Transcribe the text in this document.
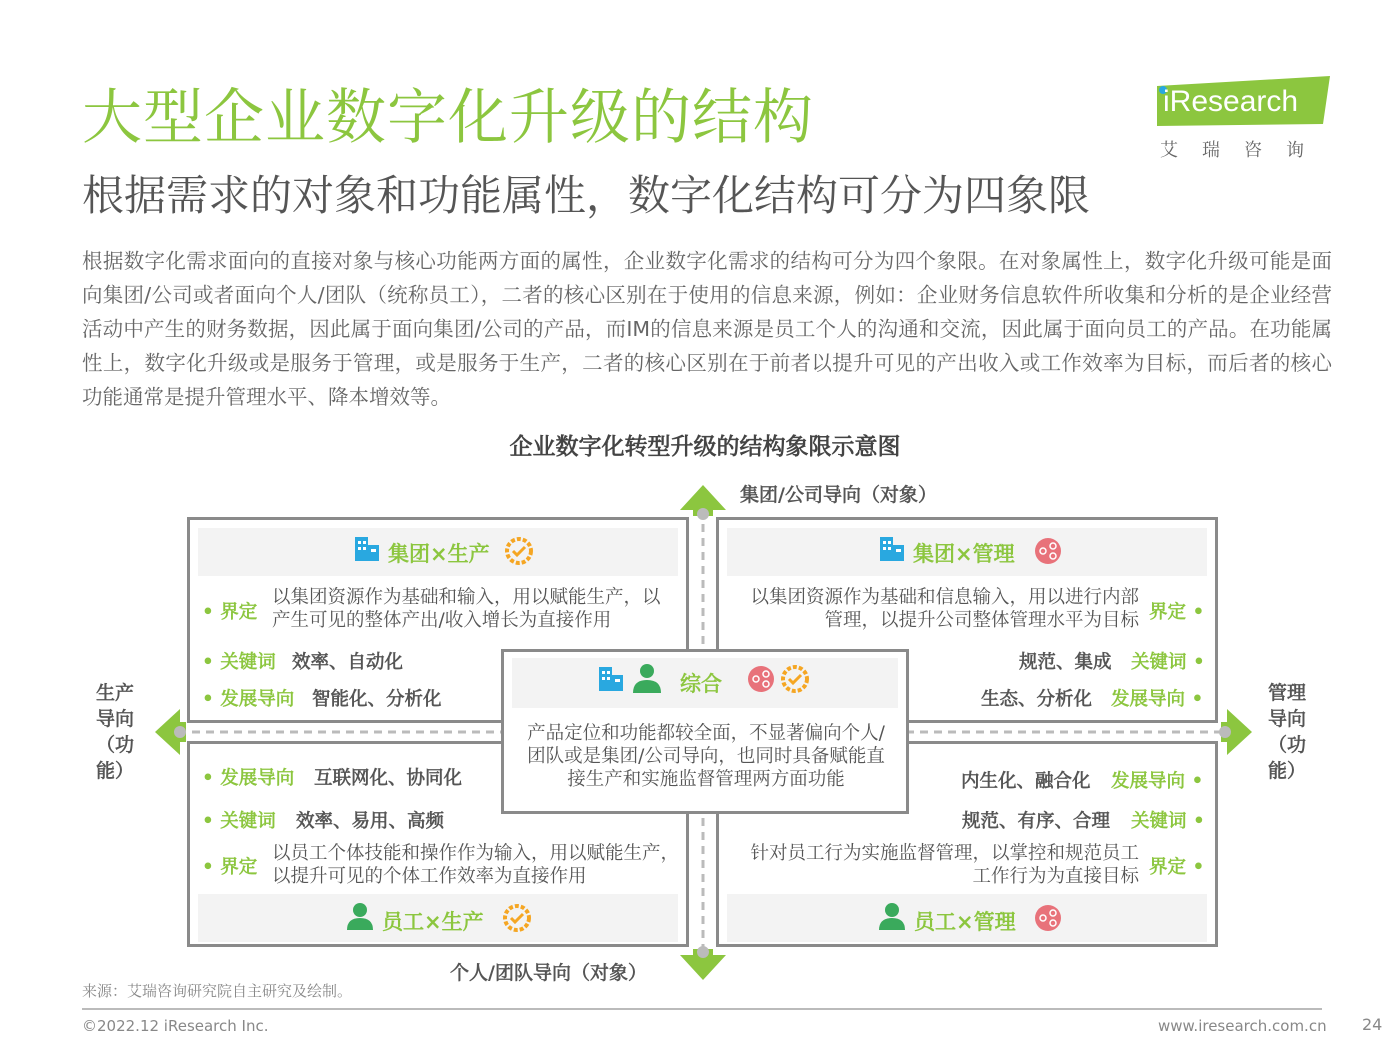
大型企业数字化升级的结构
根据需求的对象和功能属性，数字化结构可分为四象限
iResearch
艾瑞咨询
根据数字化需求面向的直接对象与核心功能两方面的属性，企业数字化需求的结构可分为四个象限。在对象属性上，数字化升级可能是面向集团/公司或者面向个人/团队（统称员工），二者的核心区别在于使用的信息来源，例如：企业财务信息软件所收集和分析的是企业经营活动中产生的财务数据，因此属于面向集团/公司的产品，而IM的信息来源是员工个人的沟通和交流，因此属于面向员工的产品。在功能属性上，数字化升级或是服务于管理，或是服务于生产，二者的核心区别在于前者以提升可见的产出收入或工作效率为目标，而后者的核心功能通常是提升管理水平、降本增效等。
企业数字化转型升级的结构象限示意图
集团/公司导向（对象）
个人/团队导向（对象）
生产导向（功能）
管理导向（功能）
集团×生产
• 界定
以集团资源作为基础和输入，用以赋能生产，以产生可见的整体产出/收入增长为直接作用
• 关键词 效率、自动化
• 发展导向 智能化、分析化
集团×管理
以集团资源作为基础和信息输入，用以进行内部管理，以提升公司整体管理水平为目标 界定 •
规范、集成 关键词 •
生态、分析化 发展导向 •
• 发展导向 互联网化、协同化
• 关键词 效率、易用、高频
• 界定
以员工个体技能和操作作为输入，用以赋能生产，以提升可见的个体工作效率为直接作用
员工×生产
内生化、融合化 发展导向 •
规范、有序、合理 关键词 •
针对员工行为实施监督管理，以掌控和规范员工工作行为为直接目标 界定 •
员工×管理
综合
产品定位和功能都较全面，不显著偏向个人/团队或是集团/公司导向，也同时具备赋能直接生产和实施监督管理两方面功能
来源：艾瑞咨询研究院自主研究及绘制。
©2022.12 iResearch Inc.	www.iresearch.com.cn 24
